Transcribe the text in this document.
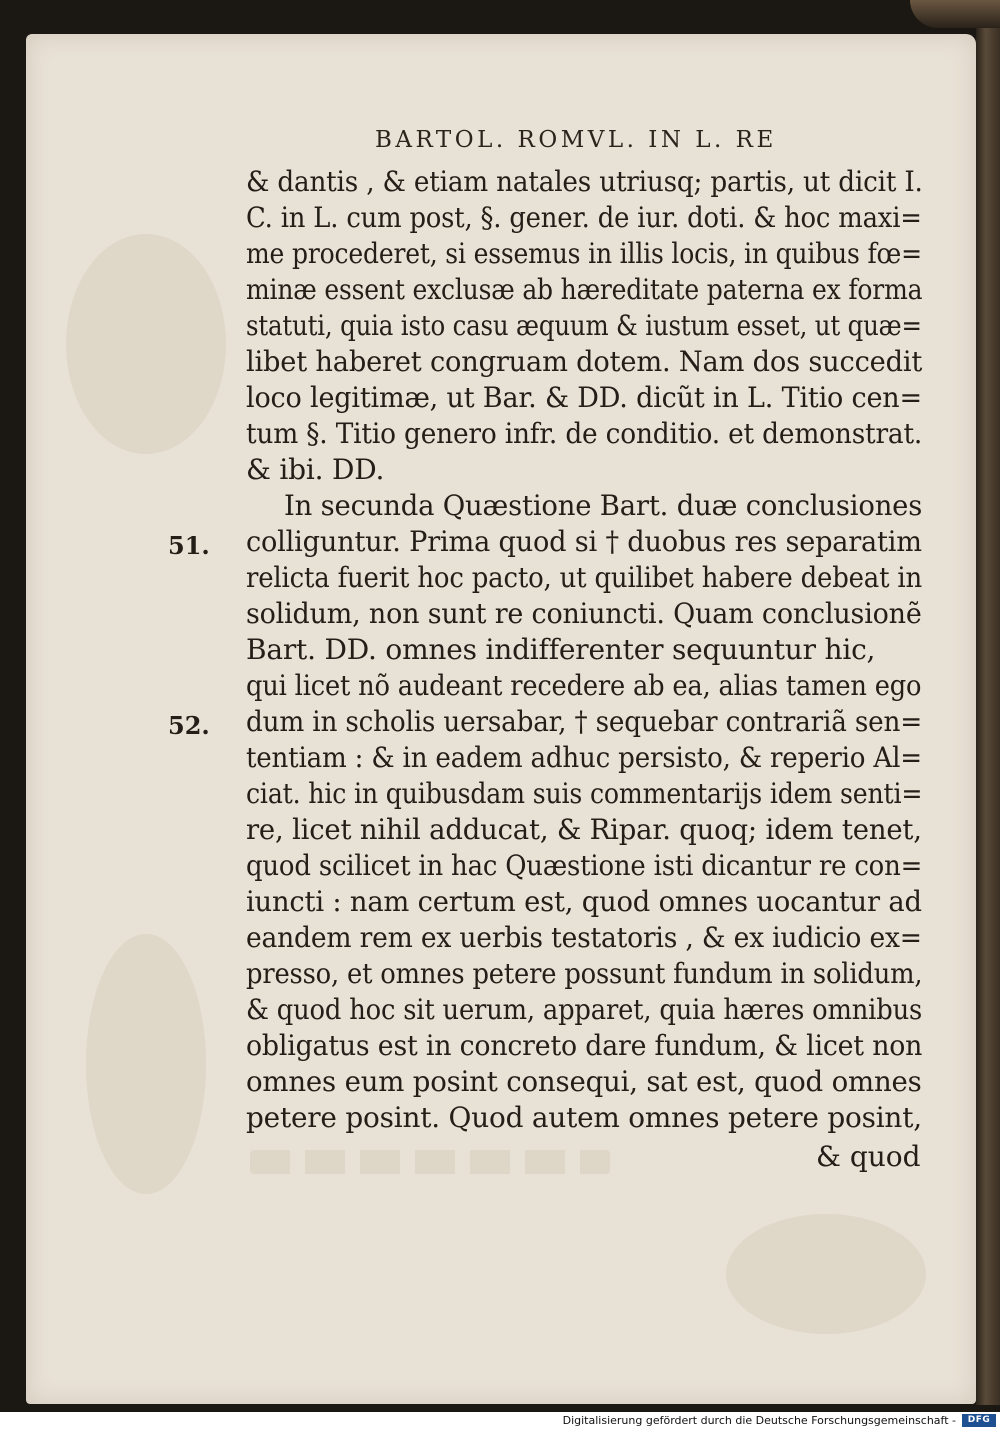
BARTOL. ROMVL. IN L. RE
& dantis , & etiam natales utriusq; partis, ut dicit I.
C. in L. cum post, §. gener. de iur. doti. & hoc maxi=
me procederet, si essemus in illis locis, in quibus fœ=
minæ essent exclusæ ab hæreditate paterna ex forma
statuti, quia isto casu æquum & iustum esset, ut quæ=
libet haberet congruam dotem. Nam dos succedit
loco legitimæ, ut Bar. & DD. dicũt in L. Titio cen=
tum §. Titio genero infr. de conditio. et demonstrat.
& ibi. DD.
In secunda Quæstione Bart. duæ conclusiones
colliguntur. Prima quod si † duobus res separatim
relicta fuerit hoc pacto, ut quilibet habere debeat in
solidum, non sunt re coniuncti. Quam conclusionẽ
Bart. DD. omnes indifferenter sequuntur hic,
qui licet nõ audeant recedere ab ea, alias tamen ego
dum in scholis uersabar, † sequebar contrariã sen=
tentiam : & in eadem adhuc persisto, & reperio Al=
ciat. hic in quibusdam suis commentarijs idem senti=
re, licet nihil adducat, & Ripar. quoq; idem tenet,
quod scilicet in hac Quæstione isti dicantur re con=
iuncti : nam certum est, quod omnes uocantur ad
eandem rem ex uerbis testatoris , & ex iudicio ex=
presso, et omnes petere possunt fundum in solidum,
& quod hoc sit uerum, apparet, quia hæres omnibus
obligatus est in concreto dare fundum, & licet non
omnes eum posint consequi, sat est, quod omnes
petere posint. Quod autem omnes petere posint,
51.
52.
& quod
Digitalisierung gefördert durch die Deutsche Forschungsgemeinschaft -	DFG
